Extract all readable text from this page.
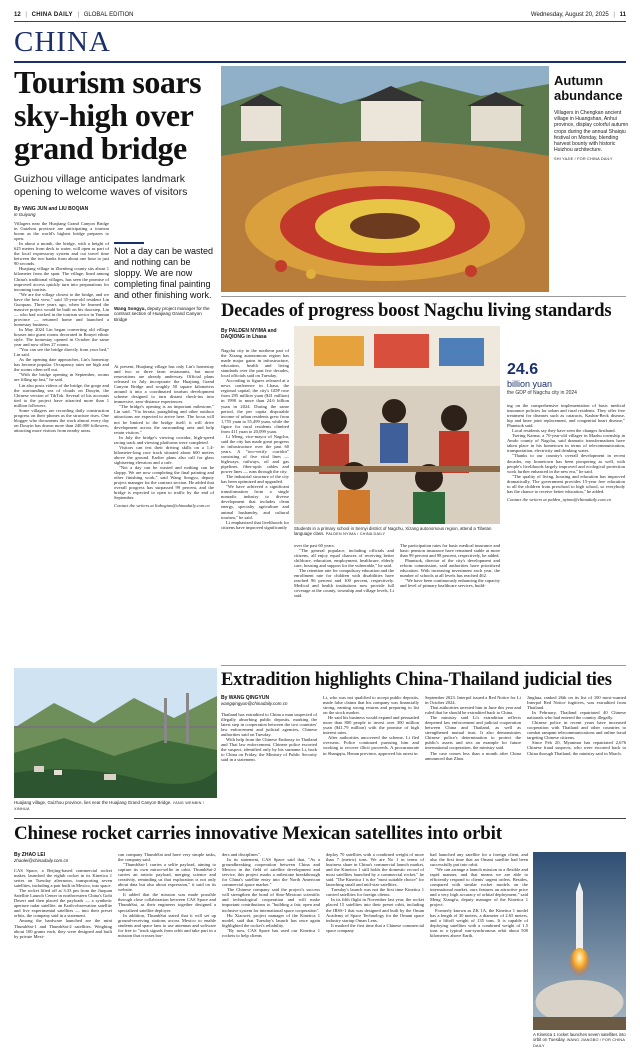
12 | CHINA DAILY | GLOBAL EDITION	Wednesday, August 20, 2025 | 11
CHINA
Tourism soars sky-high over grand bridge
Guizhou village anticipates landmark opening to welcome waves of visitors
By YANG JUN and LIU BOQIAN
in Guiyang

Villagers near the Huajiang Grand Canyon Bridge in Guizhou province are anticipating a tourism boom as the world's highest bridge prepares to open.

In about a month, the bridge, with a height of 625 meters from deck to water, will open as part of the local expressway system and cut travel time between the two banks from about one hour to just 90 seconds.

Huajiang village in Zhenfeng county sits about 1 kilometer from the span. The village, lined among China's traditional villages, has seen the promise of improved access quickly turn into preparations for incoming tourists.

"We are the village closest to the bridge, and we have the best view," said 35-year-old resident Lin Guoquan. Three years ago, when he learned the massive project would be built on his doorstep, Lin — who had worked in the tourism sector in Yunnan province — returned home and launched a homestay business.

In May 2024 Lin began converting old village houses into guest rooms decorated in Bouyei ethnic style. The homestay opened in October the same year and now offers 27 rooms.

"You can see the bridge directly from your bed," Lin said.

As the opening date approaches, Lin's homestay has become popular. Occupancy rates are high and the rooms often sell out.

"With the bridge opening in September, rooms are filling up fast," he said.

Lin also posts videos of the bridge, the gorge and the surrounding sea of clouds on Douyin, the Chinese version of TikTok. Several of his accounts tied to the project have attracted more than 1 million followers.

Some villagers are recording daily construction progress on their phones as the structure rises. One blogger who documents the work almost every day on Douyin has drawn more than 240,000 followers, attracting more visitors from nearby areas.

Not a day can be wasted and nothing can be sloppy. We are now completing final painting and other finishing work.
Wang Songyu, deputy project manager for the contract section of Huajiang Grand Canyon Bridge

At present, Huajiang village has only Lin's homestay and two or three farm restaurants, but more renovations are already underway. Official plans released in July incorporate the Huajiang Grand Canyon Bridge and roughly 50 square kilometers around it into a coordinated tourism development scheme designed to turn distant check-ins into immersive, zero-distance experiences.

"The bridge's opening is an important milestone," Lin said. "Via ferrata, paragliding and other outdoor attractions are expected to arrive here. The focus will not be limited to the bridge itself; it will drive development across the surrounding area and help retain visitors."

In July the bridge's viewing corridor, high-speed racing track and viewing platforms were completed.

Visitors can test their driving skills on a 1.4-kilometer-long race track situated about 600 meters above the ground. Earlier plans also call for glass sightseeing elevators and a cafe.

"Not a day can be wasted and nothing can be sloppy. We are now completing the final painting and other finishing work," said Wang Songyu, deputy project manager for the contract section. He added that overall progress has surpassed 99 percent, and the bridge is expected to open to traffic by the end of September.

Contact the writers at liubogian@chinadaily.com.cn
Huajiang village, Guizhou province, lies near the Huajiang Grand Canyon Bridge. YANG WENBIN / XINHUA
Autumn abundance
Villagers in Chengkan ancient village in Huangshan, Anhui province, display colorful autumn crops during the annual Shaiqiu festival on Monday, blending harvest bounty with historic Huizhou architecture.
SHI YAJIE / FOR CHINA DAILY
Decades of progress boost Nagchu living standards
By PALDEN NYIMA and DAQIONG in Lhasa

Nagchu city in the northern part of the Xizang autonomous region has made major gains in infrastructure, education, health and living standards over the past few decades, local officials said on Tuesday.

According to figures released at a news conference in Lhasa, the regional capital, the city's GDP rose from 295 million yuan ($41 million) in 1990 to more than 24.6 billion yuan in 2024. During the same period, the per capita disposable income of urban residents grew from 1,755 yuan to 55,499 yuan, while the figure for rural residents climbed from 411 yuan to 20,099 yuan.

Li Meng, vice-mayor of Nagchu, said the city has made great progress in infrastructure over the past 60 years. A "two-verify corridor" consisting of five vital lines — highways, railways, oil and gas pipelines, fiber-optic cables and power lines — runs through the city.

The industrial structure of the city has been optimized and upgraded.

"We have achieved a significant transformation from a single nomadic industry to diverse development that includes clean energy, specialty agriculture and animal husbandry, and cultural tourism," he said.

Li emphasized that livelihoods for citizens have improved significantly	Students in a primary school in Sernyi district of Nagchu, Xizang autonomous region, attend a Tibetan language class. PALDEN NYIMA / CHINA DAILY

over the past 60 years.

"The general populace, including officials and citizens, all enjoy equal chances of receiving better childcare, education, employment, healthcare, elderly care, housing and support for the vulnerable," he said.

The retention rate for compulsory education and the enrollment rate for children with disabilities have reached 96 percent and 100 percent, respectively. Medical and health institutions now provide full coverage at the county, township and village levels, Li said.

The participation rates for basic medical insurance and basic pension insurance have remained stable at more than 99 percent and 98 percent, respectively, he added.

Phuntsok, director of the city's development and reform commission, said authorities have prioritized education. With increasing investment each year, the number of schools at all levels has reached 462.

"We have been continuously enhancing the capacity and level of primary healthcare services, build-

24.6
billion yuan
the GDP of Nagchu city in 2024

ing on the comprehensive implementation of basic medical insurance policies for urban and rural residents. They offer free treatment for diseases such as cataracts, Kashin-Beck disease, hip and knee joint replacement, and congenital heart disease," Phuntsok said.

Local residents say they have seen the changes firsthand.

Tsering Karma, a 70-year-old villager in Mazhu township in Amdo county of Nagchu, said dramatic transformations have taken place in his hometown in terms of telecommunication, transportation, electricity and drinking water.

"Thanks to our country's overall development in recent decades, my hometown has been prospering as well, with people's livelihoods largely improved and ecological protection work further enhanced in the new era," he said.

"The quality of living, housing and education has improved dramatically. The government provides 15-year free education to all the children from preschool to high school, so everybody has the chance to receive better education," he added.

Contact the writers at palden_nyima@chinadaily.com.cn
Extradition highlights China-Thailand judicial ties
By WANG QINGYUN
wangqingyun@chinadaily.com.cn

Thailand has extradited to China a man suspected of illegally absorbing public deposits, marking the latest step in cooperation between the two countries' law enforcement and judicial agencies, Chinese authorities said on Tuesday.

With help from the Chinese Embassy in Thailand and Thai law enforcement, Chinese police escorted the suspect, identified only by his surname Li, back to China on Friday, the Ministry of Public Security said in a statement.

Li, who was not qualified to accept public deposits, made false claims that his company was financially strong, earning strong returns and preparing to list on the stock market.

He said his business would expand and persuaded more than 800 people to invest over 300 million yuan ($41.79 million) with the promise of high interest rates.

After authorities uncovered the scheme, Li fled overseas. Police continued pursuing him and working to recover illicit proceeds. A procuratorate in Shangqiu, Henan province, approved his arrest in

September 2023. Interpol issued a Red Notice for Li in October 2024.

Thai authorities arrested him in June this year and ruled that he should be extradited back to China.

The ministry said Li's extradition reflects deepened law enforcement and judicial cooperation between China and Thailand, as well as strengthened mutual trust. It also demonstrates Chinese police's determination to protect the public's assets and sets an example for future international cooperation, the ministry said.

The case comes less than a month after China announced that Zhou

Jinghua, ranked 26th on its list of 100 most-wanted Interpol Red Notice fugitives, was extradited from Thailand.

In February, Thailand repatriated 40 Chinese nationals who had entered the country illegally.

Chinese police in recent years have increased cooperation with Thailand and other countries to combat rampant telecommunications and online fraud targeting Chinese citizens.

Since Feb 20, Myanmar has repatriated 2,676 Chinese fraud suspects, who were escorted back to China through Thailand, the ministry said in March.

Chinese rocket carries innovative Mexican satellites into orbit
By ZHAO LEI
zhaolei@chinadaily.com.cn

CAS Space, a Beijing-based commercial rocket maker, launched the eighth rocket in its Kinetica 1 series on Tuesday afternoon, transporting seven satellites, including a pair built in Mexico, into space.

The rocket lifted off at 3:33 pm from the Jiuquan Satellite Launch Center in northwestern China's Gobi Desert and then placed the payloads — a synthetic aperture radar satellite, an Earth-observation satellite and five experimental satellites — into their preset orbits, the company said in a statement.

Among the hardware launched are the mini ThumbSat-1 and ThumbSat-2 satellites. Weighing about 100 grams each, they were designed and built by private Mexi-

can company ThumbSat and have very simple tasks, the company said.

"ThumbSat-1 carries a selfie payload, aiming to capture its own mirror-selfie in orbit. ThumbSat-2 carries an artistic payload, merging science and creativity, reminding us that exploration is not only about data but also about expression," it said on its website.

It added that the mission was made possible through close collaboration between CAS Space and ThumbSat, as their engineers together designed a specialized satellite deployer.

In addition, ThumbSat stated that it will set up ground-receiving stations across Mexico to enable students and space fans to use antennas and software for free to "track signals from orbit and take part in a mission that crosses bor-

ders and disciplines".

In its statement, CAS Space said that, "As a groundbreaking cooperation between China and Mexico in the field of satellite development and service, this project marks a milestone breakthrough for China's satellite entry into the North American commercial space market."

The Chinese company said the project's success will strengthen the bond of Sino-Mexican scientific and technological cooperation and will make important contributions to "building a fair, open and inclusive system for international space cooperation".

Hu Xiaowei, project manager of the Kinetica 1 model, said that Tuesday's launch has once again highlighted the rocket's reliability.

"By now, CAS Space has used our Kinetica 1 rockets to help clients

deploy 70 satellites with a combined weight of more than 7 (metric) tons. We are No 1 in terms of business share in China's commercial launch market, and the Kinetica 1 still holds the domestic record of most satellites launched by a commercial rocket," he said. "The Kinetica 1 is the "most suitable choice" for launching small and mid-size satellites.

Tuesday's launch was not the first time Kinetica 1 carried satellites for foreign clients.

In its fifth flight in November last year, the rocket placed 15 satellites into their preset orbit, including the IRSS-1 that was designed and built by the Oman Academy of Space Technology for the Omani space industry startup Oman Lens.

It marked the first time that a Chinese commercial space company

had launched any satellite for a foreign client, and also the first time that an Omani satellite had been successfully put into orbit.

"We can arrange a launch mission in a flexible and rapid manner, and that means we are able to efficiently respond to clients' urgent orders. Besides, compared with similar rocket models on the international market, ours features an attractive price and a very high accuracy of orbital deployment," said Meng Xiangfu, deputy manager of the Kinetica 1 project.

Formerly known as ZK 1A, the Kinetica 1 model has a length of 30 meters, a diameter of 2.65 meters, and a liftoff weight of 135 tons. It is capable of deploying satellites with a combined weight of 1.5 tons to a typical sun-synchronous orbit about 500 kilometers above Earth.

A Kinetica 1 rocket launches seven satellites into orbit on Tuesday. WANG JIANGBO / FOR CHINA DAILY
